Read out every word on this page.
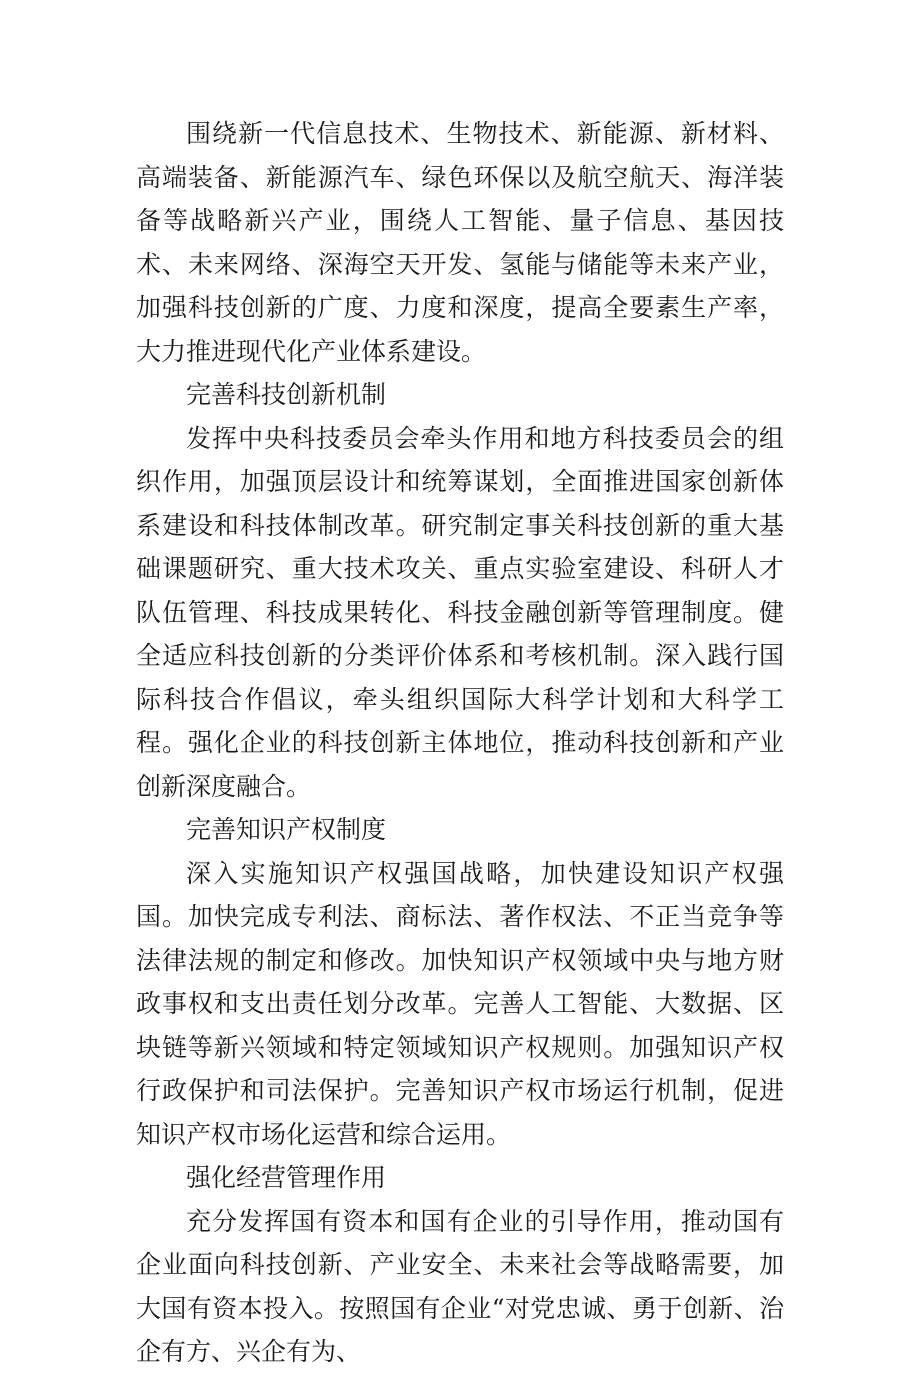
围绕新一代信息技术、生物技术、新能源、新材料、高端装备、新能源汽车、绿色环保以及航空航天、海洋装备等战略新兴产业，围绕人工智能、量子信息、基因技术、未来网络、深海空天开发、氢能与储能等未来产业，加强科技创新的广度、力度和深度，提高全要素生产率，大力推进现代化产业体系建设。

完善科技创新机制

发挥中央科技委员会牵头作用和地方科技委员会的组织作用，加强顶层设计和统筹谋划，全面推进国家创新体系建设和科技体制改革。研究制定事关科技创新的重大基础课题研究、重大技术攻关、重点实验室建设、科研人才队伍管理、科技成果转化、科技金融创新等管理制度。健全适应科技创新的分类评价体系和考核机制。深入践行国际科技合作倡议，牵头组织国际大科学计划和大科学工程。强化企业的科技创新主体地位，推动科技创新和产业创新深度融合。

完善知识产权制度

深入实施知识产权强国战略，加快建设知识产权强国。加快完成专利法、商标法、著作权法、不正当竞争等法律法规的制定和修改。加快知识产权领域中央与地方财政事权和支出责任划分改革。完善人工智能、大数据、区块链等新兴领域和特定领域知识产权规则。加强知识产权行政保护和司法保护。完善知识产权市场运行机制，促进知识产权市场化运营和综合运用。

强化经营管理作用

充分发挥国有资本和国有企业的引导作用，推动国有企业面向科技创新、产业安全、未来社会等战略需要，加大国有资本投入。按照国有企业“对党忠诚、勇于创新、治企有方、兴企有为、
